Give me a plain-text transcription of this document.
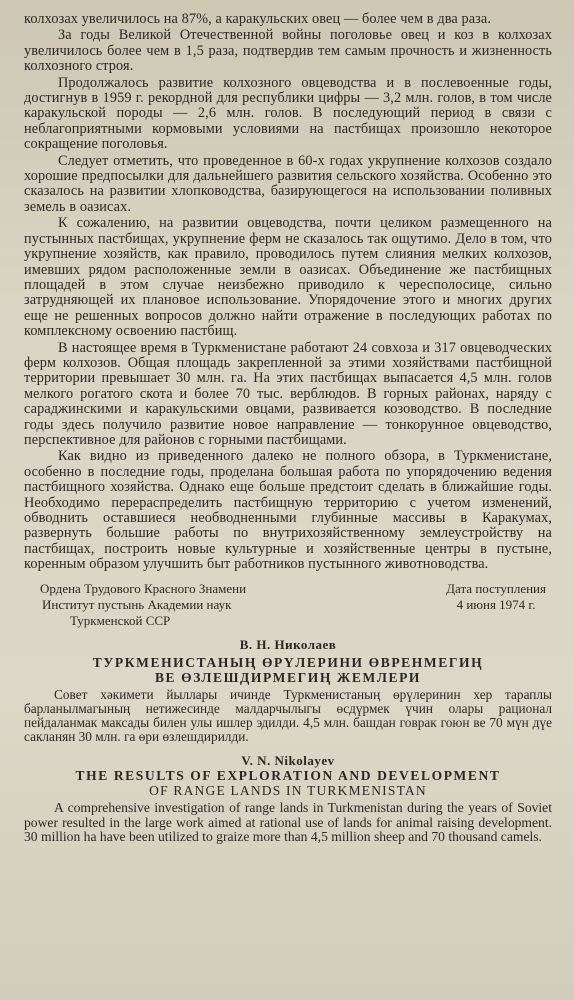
колхозах увеличилось на 87%, а каракульских овец — более чем в два раза.

За годы Великой Отечественной войны поголовье овец и коз в колхозах увеличилось более чем в 1,5 раза, подтвердив тем самым прочность и жизненность колхозного строя.

Продолжалось развитие колхозного овцеводства и в послевоенные годы, достигнув в 1959 г. рекордной для республики цифры — 3,2 млн. голов, в том числе каракульской породы — 2,6 млн. голов. В последующий период в связи с неблагоприятными кормовыми условиями на пастбищах произошло некоторое сокращение поголовья.

Следует отметить, что проведенное в 60-х годах укрупнение колхозов создало хорошие предпосылки для дальнейшего развития сельского хозяйства. Особенно это сказалось на развитии хлопководства, базирующегося на использовании поливных земель в оазисах.

К сожалению, на развитии овцеводства, почти целиком размещенного на пустынных пастбищах, укрупнение ферм не сказалось так ощутимо. Дело в том, что укрупнение хозяйств, как правило, проводилось путем слияния мелких колхозов, имевших рядом расположенные земли в оазисах. Объединение же пастбищных площадей в этом случае неизбежно приводило к чересполосице, сильно затрудняющей их плановое использование. Упорядочение этого и многих других еще не решенных вопросов должно найти отражение в последующих работах по комплексному освоению пастбищ.

В настоящее время в Туркменистане работают 24 совхоза и 317 овцеводческих ферм колхозов. Общая площадь закрепленной за этими хозяйствами пастбищной территории превышает 30 млн. га. На этих пастбищах выпасается 4,5 млн. голов мелкого рогатого скота и более 70 тыс. верблюдов. В горных районах, наряду с сараджинскими и каракульскими овцами, развивается козоводство. В последние годы здесь получило развитие новое направление — тонкорунное овцеводство, перспективное для районов с горными пастбищами.

Как видно из приведенного далеко не полного обзора, в Туркменистане, особенно в последние годы, проделана большая работа по упорядочению ведения пастбищного хозяйства. Однако еще больше предстоит сделать в ближайшие годы. Необходимо перераспределить пастбищную территорию с учетом изменений, обводнить оставшиеся необводненными глубинные массивы в Каракумах, развернуть большие работы по внутрихозяйственному землеустройству на пастбищах, построить новые культурные и хозяйственные центры в пустыне, коренным образом улучшить быт работников пустынного животноводства.

Ордена Трудового Красного Знамени
Институт пустынь Академии наук
Туркменской ССР
Дата поступления
4 июня 1974 г.
В. Н. Николаев
ТУРКМЕНИСТАНЫҢ ӨРҮЛЕРИНИ ӨВРЕНМЕГИҢ
ВЕ ӨЗЛЕШДИРМЕГИҢ ЖЕМЛЕРИ

Совет хәкимети йыллары ичинде Туркменистаның өрүлеринин хер тараплы барланылмагының нетижесинде малдарчылыгы өсдүрмек үчин олары рационал пейдаланмак максады билен улы ишлер эдилди. 4,5 млн. башдан говрак гоюн ве 70 мүн дүе сакланян 30 млн. га өри өзлешдирилди.

V. N. Nikolayev
THE RESULTS OF EXPLORATION AND DEVELOPMENT
OF RANGE LANDS IN TURKMENISTAN

A comprehensive investigation of range lands in Turkmenistan during the years of Soviet power resulted in the large work aimed at rational use of lands for animal raising development. 30 million ha have been utilized to graize more than 4,5 million sheep and 70 thousand camels.
